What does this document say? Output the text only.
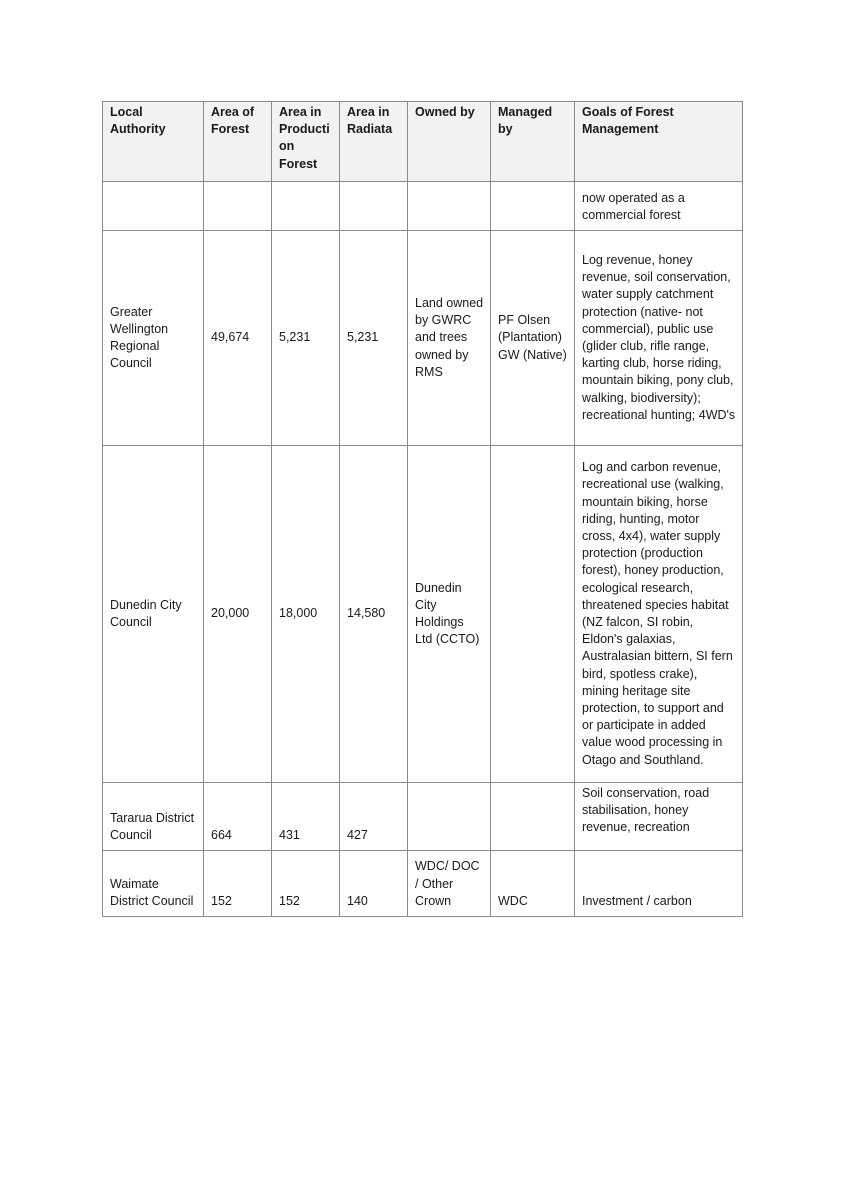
Local Authority	Area of Forest	Area in Producti on Forest	Area in Radiata	Owned by	Managed by	Goals of Forest Management
						now operated as a commercial forest
Greater Wellington Regional Council	49,674	5,231	5,231	Land owned by GWRC and trees owned by RMS	PF Olsen (Plantation) GW (Native)	Log revenue, honey revenue, soil conservation, water supply catchment protection (native- not commercial), public use (glider club, rifle range, karting club, horse riding, mountain biking, pony club, walking, biodiversity); recreational hunting; 4WD's
Dunedin City Council	20,000	18,000	14,580	Dunedin City Holdings Ltd (CCTO)		Log and carbon revenue, recreational use (walking, mountain biking, horse riding, hunting, motor cross, 4x4), water supply protection (production forest), honey production, ecological research, threatened species habitat (NZ falcon, SI robin, Eldon's galaxias, Australasian bittern, SI fern bird, spotless crake), mining heritage site protection, to support and or participate in added value wood processing in Otago and Southland.
Tararua District Council	664	431	427			Soil conservation, road stabilisation, honey revenue, recreation
Waimate District Council	152	152	140	WDC/ DOC / Other Crown	WDC	Investment / carbon
